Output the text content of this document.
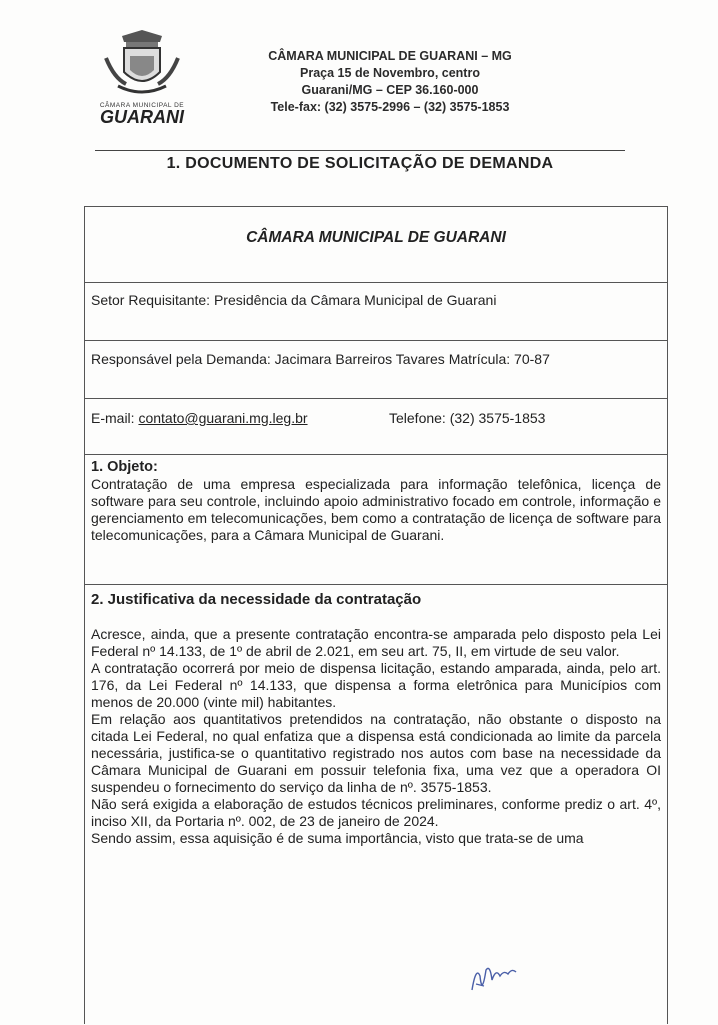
CÂMARA MUNICIPAL DE
GUARANI
CÂMARA MUNICIPAL DE GUARANI – MG
Praça 15 de Novembro, centro
Guarani/MG – CEP 36.160-000
Tele-fax: (32) 3575-2996 – (32) 3575-1853
1. DOCUMENTO DE SOLICITAÇÃO DE DEMANDA
CÂMARA MUNICIPAL DE GUARANI
Setor Requisitante: Presidência da Câmara Municipal de Guarani
Responsável pela Demanda: Jacimara Barreiros Tavares Matrícula: 70-87
E-mail: contato@guarani.mg.leg.br	Telefone: (32) 3575-1853
1. Objeto:
Contratação de uma empresa especializada para informação telefônica, licença de software para seu controle, incluindo apoio administrativo focado em controle, informação e gerenciamento em telecomunicações, bem como a contratação de licença de software para telecomunicações, para a Câmara Municipal de Guarani.
2. Justificativa da necessidade da contratação
Acresce, ainda, que a presente contratação encontra-se amparada pelo disposto pela Lei Federal nº 14.133, de 1º de abril de 2.021, em seu art. 75, II, em virtude de seu valor.
A contratação ocorrerá por meio de dispensa licitação, estando amparada, ainda, pelo art. 176, da Lei Federal nº 14.133, que dispensa a forma eletrônica para Municípios com menos de 20.000 (vinte mil) habitantes.
Em relação aos quantitativos pretendidos na contratação, não obstante o disposto na citada Lei Federal, no qual enfatiza que a dispensa está condicionada ao limite da parcela necessária, justifica-se o quantitativo registrado nos autos com base na necessidade da Câmara Municipal de Guarani em possuir telefonia fixa, uma vez que a operadora OI suspendeu o fornecimento do serviço da linha de nº. 3575-1853.
Não será exigida a elaboração de estudos técnicos preliminares, conforme prediz o art. 4º, inciso XII, da Portaria nº. 002, de 23 de janeiro de 2024.
Sendo assim, essa aquisição é de suma importância, visto que trata-se de uma
